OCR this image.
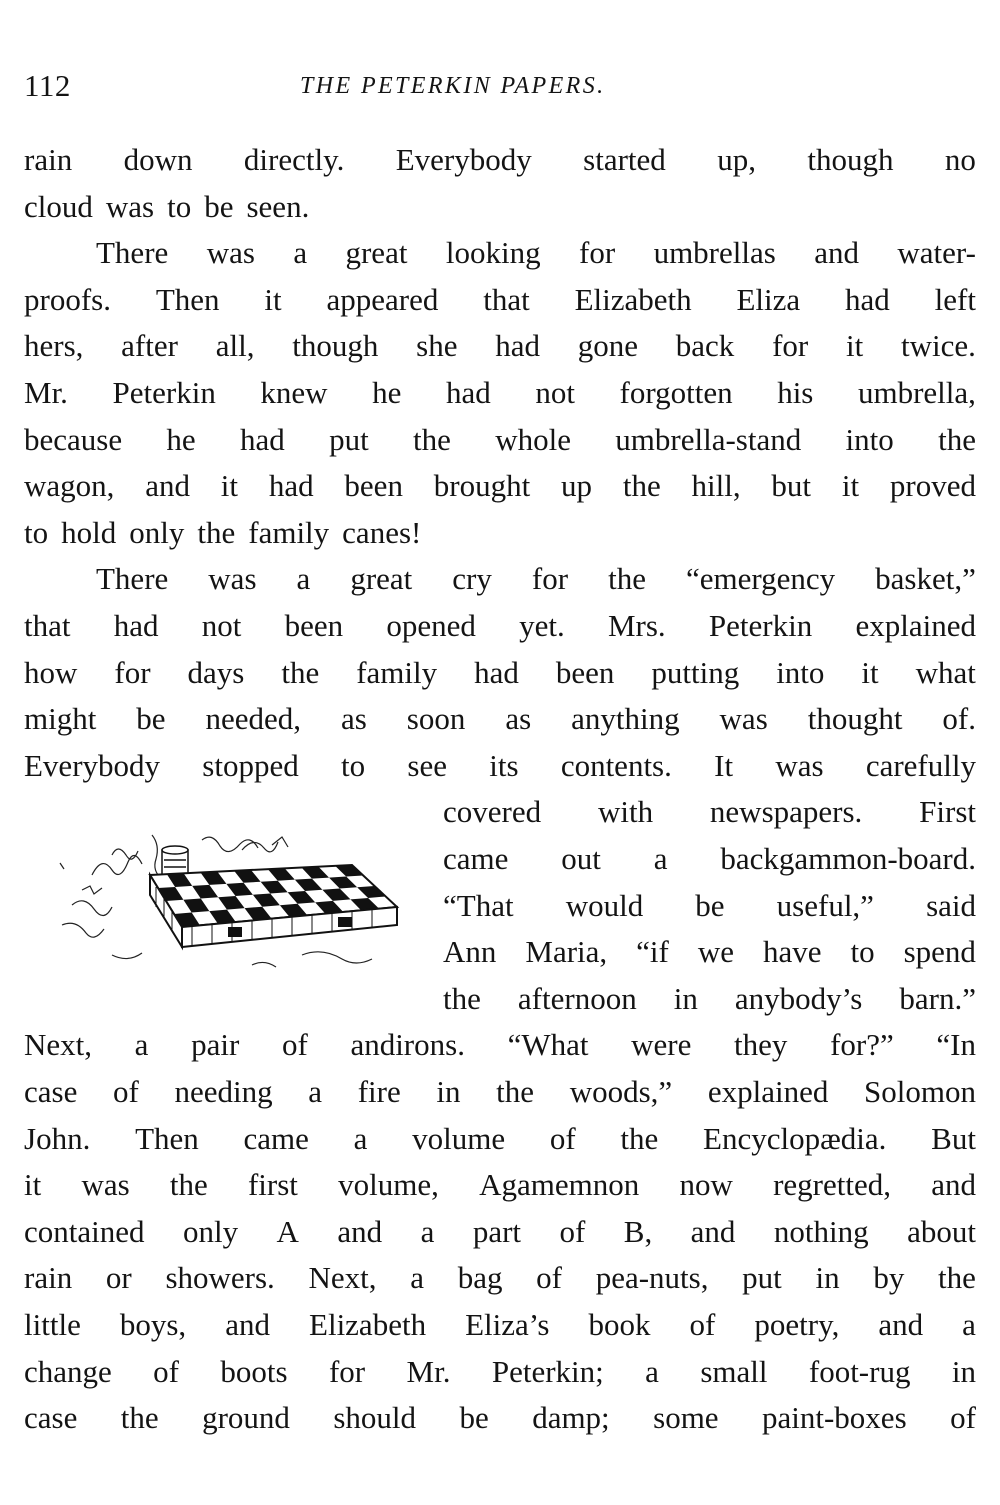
112	THE PETERKIN PAPERS.
rain down directly. Everybody started up, though no
cloud was to be seen.
There was a great looking for umbrellas and water-
proofs. Then it appeared that Elizabeth Eliza had left
hers, after all, though she had gone back for it twice.
Mr. Peterkin knew he had not forgotten his umbrella,
because he had put the whole umbrella-stand into the
wagon, and it had been brought up the hill, but it proved
to hold only the family canes!
There was a great cry for the “emergency basket,”
that had not been opened yet. Mrs. Peterkin explained
how for days the family had been putting into it what
might be needed, as soon as anything was thought of.
Everybody stopped to see its contents. It was carefully
covered with newspapers. First
came out a backgammon-board.
“That would be useful,” said
Ann Maria, “if we have to spend
the afternoon in anybody’s barn.”
Next, a pair of andirons. “What were they for?” “In
case of needing a fire in the woods,” explained Solomon
John. Then came a volume of the Encyclopædia. But
it was the first volume, Agamemnon now regretted, and
contained only A and a part of B, and nothing about
rain or showers. Next, a bag of pea-nuts, put in by the
little boys, and Elizabeth Eliza’s book of poetry, and a
change of boots for Mr. Peterkin; a small foot-rug in
case the ground should be damp; some paint-boxes of
